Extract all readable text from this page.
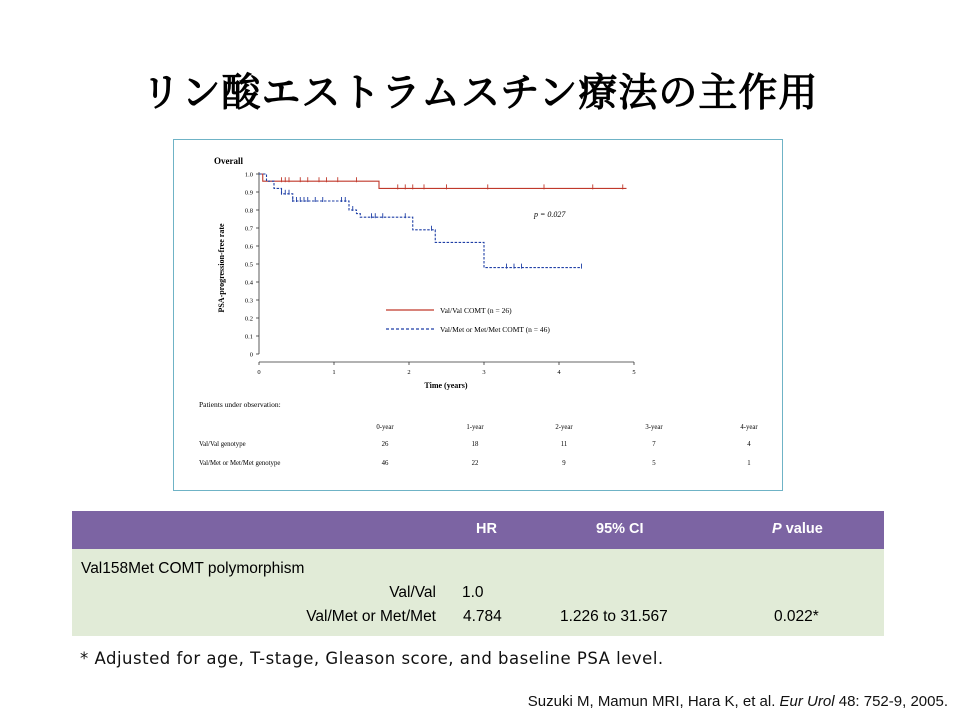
リン酸エストラムスチン療法の主作用
Overall
0
0.1
0.2
0.3
0.4
0.5
0.6
0.7
0.8
0.9
1.0
0	1	2	3	4	5
PSA-progression-free rate
Time (years)
p = 0.027
Val/Val COMT (n = 26)
Val/Met or Met/Met COMT (n = 46)
Patients under observation:
0-year	1-year	2-year	3-year	4-year
Val/Val genotype	26	18	11	7	4
Val/Met or Met/Met genotype	46	22	9	5	1
HR	95% CI	P value
Val158Met COMT polymorphism
Val/Val 1.0
Val/Met or Met/Met 4.784	1.226 to 31.567	0.022*
* Adjusted for age, T-stage, Gleason score, and baseline PSA level.
Suzuki M, Mamun MRI, Hara K, et al. Eur Urol 48: 752-9, 2005.
